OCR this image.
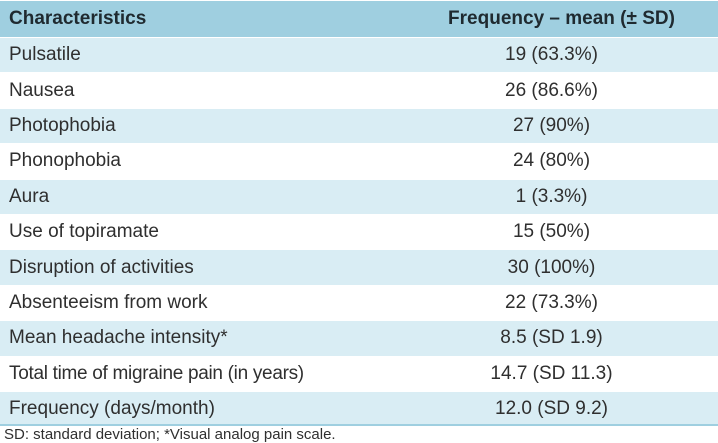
Characteristics	Frequency – mean (± SD)
Pulsatile	19 (63.3%)
Nausea	26 (86.6%)
Photophobia	27 (90%)
Phonophobia	24 (80%)
Aura	1 (3.3%)
Use of topiramate	15 (50%)
Disruption of activities	30 (100%)
Absenteeism from work	22 (73.3%)
Mean headache intensity*	8.5 (SD 1.9)
Total time of migraine pain (in years)	14.7 (SD 11.3)
Frequency (days/month)	12.0 (SD 9.2)
SD: standard deviation; *Visual analog pain scale.
